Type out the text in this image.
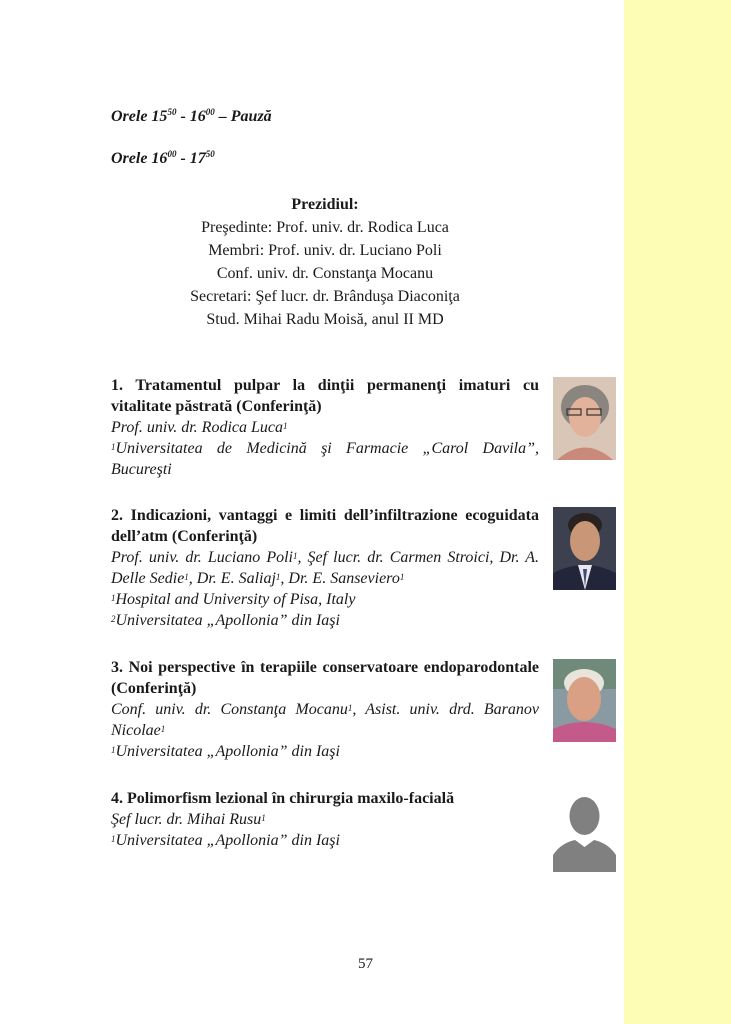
Orele $15^{50} - 16^{00}$ – Pauză
Orele $16^{00} - 17^{50}$
Prezidiul:
Preşedinte: Prof. univ. dr. Rodica Luca
Membri: Prof. univ. dr. Luciano Poli
Conf. univ. dr. Constanţa Mocanu
Secretari: Şef lucr. dr. Brânduşa Diaconiţa
Stud. Mihai Radu Moisă, anul II MD
1. Tratamentul pulpar la dinţii permanenţi imaturi cu vitalitate păstrată (Conferinţă)
Prof. univ. dr. Rodica Luca$^1$
$^1$Universitatea de Medicină şi Farmacie „Carol Davila”, Bucureşti
2. Indicazioni, vantaggi e limiti dell’infiltrazione ecoguidata dell’atm (Conferinţă)
Prof. univ. dr. Luciano Poli$^1$, Şef lucr. dr. Carmen Stroici, Dr. A. Delle Sedie$^1$, Dr. E. Saliaj$^1$, Dr. E. Sanseviero$^1$
$^1$Hospital and University of Pisa, Italy
$^2$Universitatea „Apollonia” din Iaşi
3. Noi perspective în terapiile conservatoare endoparodontale (Conferinţă)
Conf. univ. dr. Constanţa Mocanu$^1$, Asist. univ. drd. Baranov Nicolae$^1$
$^1$Universitatea „Apollonia” din Iaşi
4. Polimorfism lezional în chirurgia maxilo-facială
Şef lucr. dr. Mihai Rusu$^1$
$^1$Universitatea „Apollonia” din Iaşi
57
